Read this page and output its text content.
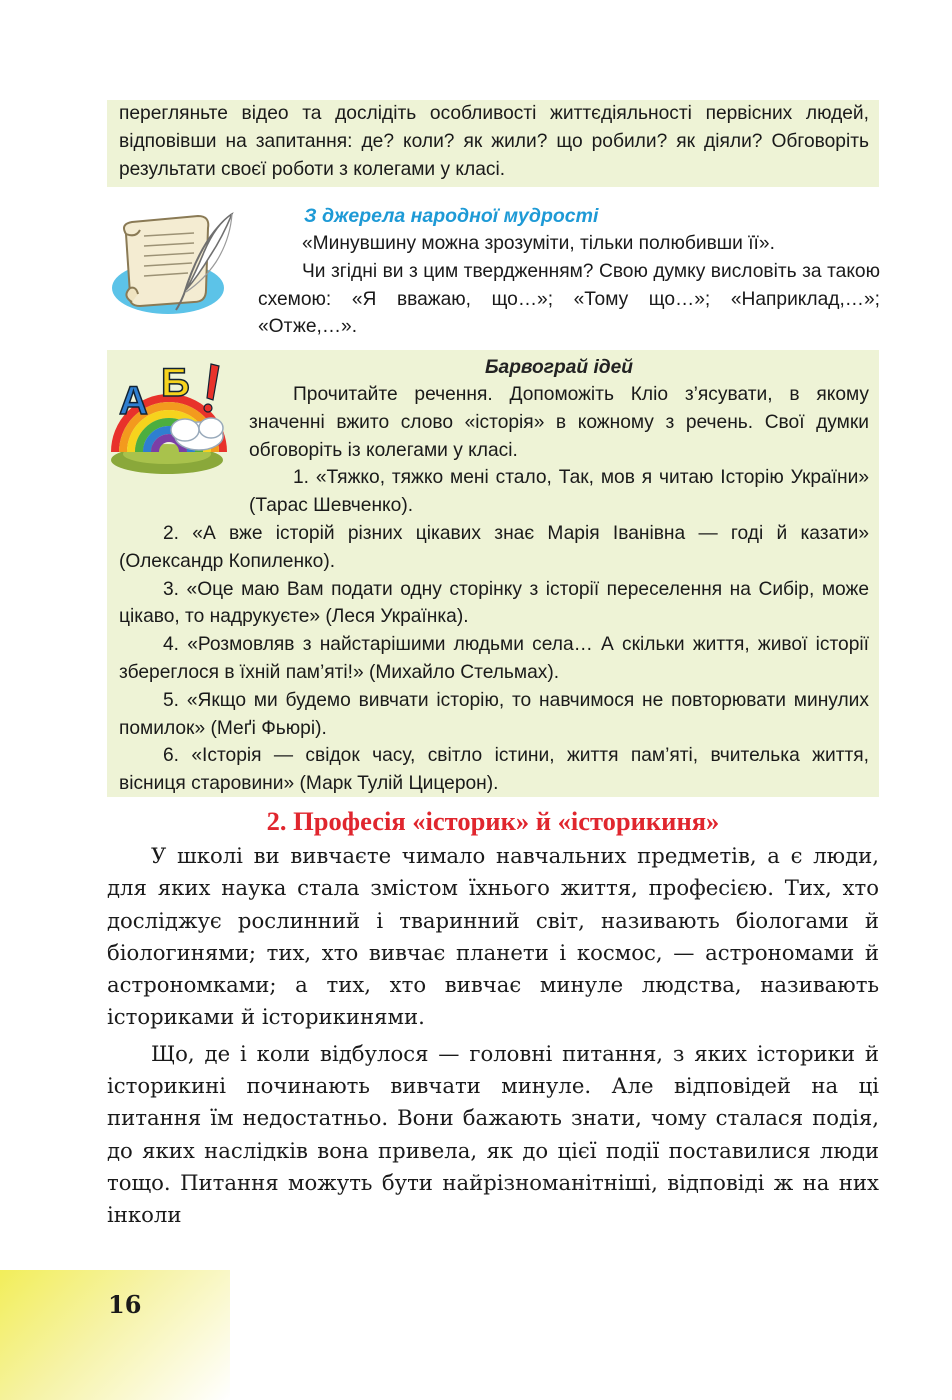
перегляньте відео та дослідіть особливості життєдіяльності первісних людей, відповівши на запитання: де? коли? як жили? що робили? як діяли? Обговоріть результати своєї роботи з колегами у класі.

З джерела народної мудрості

«Минувшину можна зрозуміти, тільки полюбивши її».

Чи згідні ви з цим твердженням? Свою думку висловіть за такою схемою: «Я вважаю, що…»; «Тому що…»; «Наприклад,…»; «Отже,…».

А Б	Барвограй ідей

Прочитайте речення. Допоможіть Кліо з’ясувати, в якому значенні вжито слово «історія» в кожному з речень. Свої думки обговоріть із колегами у класі.

1. «Тяжко, тяжко мені стало, Так, мов я читаю Історію України» (Тарас Шевченко).

2. «А вже історій різних цікавих знає Марія Іванівна — годі й казати» (Олександр Копиленко).

3. «Оце маю Вам подати одну сторінку з історії переселення на Сибір, може цікаво, то надрукуєте» (Леся Українка).

4. «Розмовляв з найстарішими людьми села… А скільки життя, живої історії збереглося в їхній пам’яті!» (Михайло Стельмах).

5. «Якщо ми будемо вивчати історію, то навчимося не повторювати минулих помилок» (Меґі Фьюрі).

6. «Історія — свідок часу, світло істини, життя пам’яті, вчителька життя, вісниця старовини» (Марк Тулій Цицерон).

2. Професія «історик» й «історикиня»

У школі ви вивчаєте чимало навчальних предметів, а є люди, для яких наука стала змістом їхнього життя, професією. Тих, хто досліджує рослинний і тваринний світ, називають біологами й біологинями; тих, хто вивчає планети і космос, — астрономами й астрономками; а тих, хто вивчає минуле людства, називають істориками й історикинями.

Що, де і коли відбулося — головні питання, з яких історики й історикині починають вивчати минуле. Але відповідей на ці питання їм недостатньо. Вони бажають знати, чому сталася подія, до яких наслідків вона привела, як до цієї події поставилися люди тощо. Питання можуть бути найрізноманітніші, відповіді ж на них інколи

16
